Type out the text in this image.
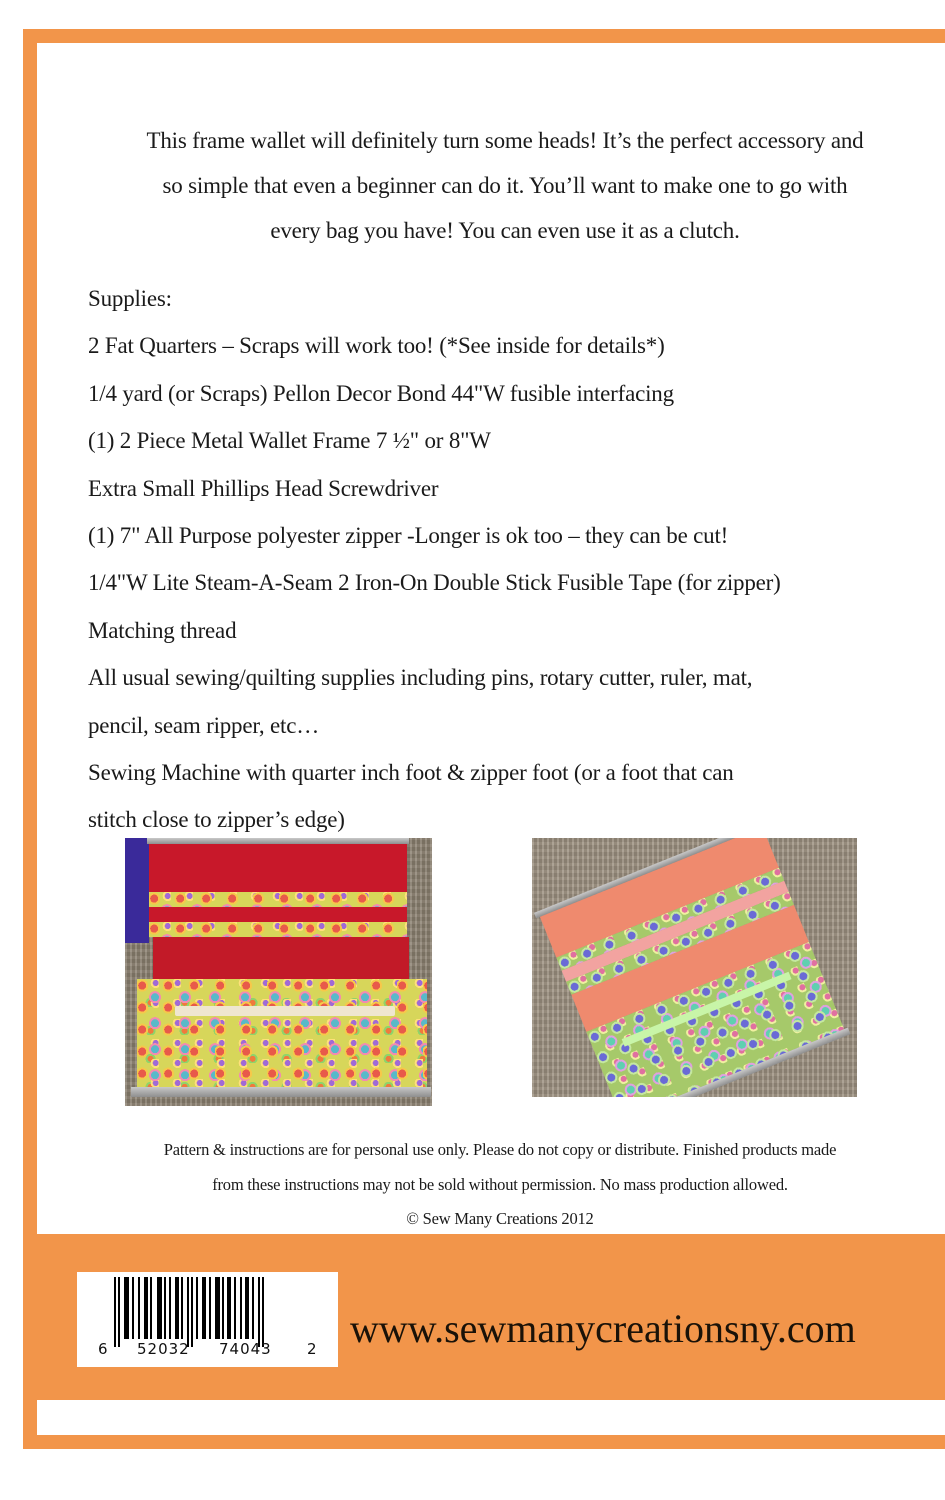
This frame wallet will definitely turn some heads! It’s the perfect accessory and
so simple that even a beginner can do it. You’ll want to make one to go with
every bag you have! You can even use it as a clutch.
Supplies:
2 Fat Quarters – Scraps will work too! (*See inside for details*)
1/4 yard (or Scraps) Pellon Decor Bond 44"W fusible interfacing
(1) 2 Piece Metal Wallet Frame 7 ½" or 8"W
Extra Small Phillips Head Screwdriver
(1) 7" All Purpose polyester zipper -Longer is ok too – they can be cut!
1/4"W Lite Steam-A-Seam 2 Iron-On Double Stick Fusible Tape (for zipper)
Matching thread
All usual sewing/quilting supplies including pins, rotary cutter, ruler, mat,
pencil, seam ripper, etc…
Sewing Machine with quarter inch foot & zipper foot (or a foot that can
stitch close to zipper’s edge)
Pattern & instructions are for personal use only. Please do not copy or distribute. Finished products made
from these instructions may not be sold without permission. No mass production allowed.
© Sew Many Creations 2012
6 52032 74043 2 www.sewmanycreationsny.com
